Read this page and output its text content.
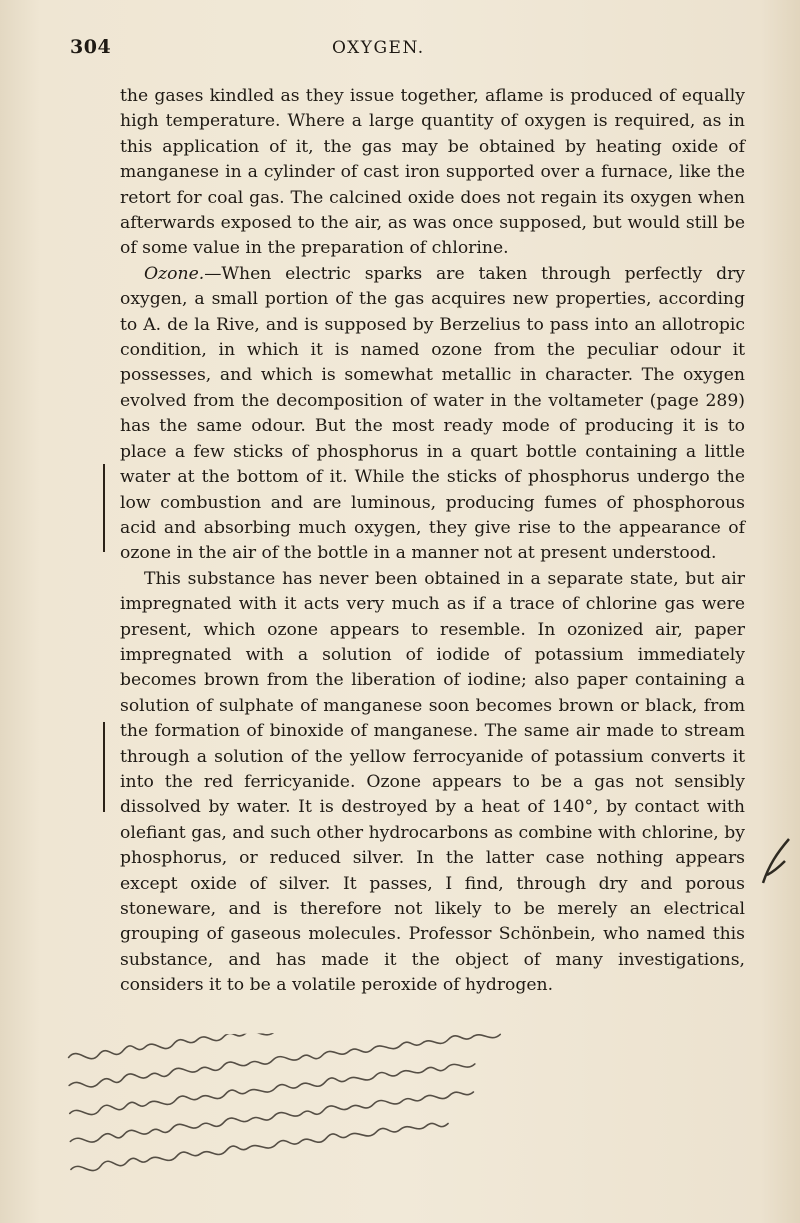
304	OXYGEN.

the gases kindled as they issue together, aflame is produced of equally high temperature. Where a large quantity of oxygen is required, as in this application of it, the gas may be obtained by heating oxide of manganese in a cylinder of cast iron supported over a furnace, like the retort for coal gas. The calcined oxide does not regain its oxygen when afterwards exposed to the air, as was once supposed, but would still be of some value in the preparation of chlorine.

Ozone.—When electric sparks are taken through perfectly dry oxygen, a small portion of the gas acquires new properties, according to A. de la Rive, and is supposed by Berzelius to pass into an allotropic condition, in which it is named ozone from the peculiar odour it possesses, and which is somewhat metallic in character. The oxygen evolved from the decomposition of water in the voltameter (page 289) has the same odour. But the most ready mode of producing it is to place a few sticks of phosphorus in a quart bottle containing a little water at the bottom of it. While the sticks of phosphorus undergo the low combustion and are luminous, producing fumes of phosphorous acid and absorbing much oxygen, they give rise to the appearance of ozone in the air of the bottle in a manner not at present understood.

This substance has never been obtained in a separate state, but air impregnated with it acts very much as if a trace of chlorine gas were present, which ozone appears to resemble. In ozonized air, paper impregnated with a solution of iodide of potassium immediately becomes brown from the liberation of iodine; also paper containing a solution of sulphate of manganese soon becomes brown or black, from the formation of binoxide of manganese. The same air made to stream through a solution of the yellow ferrocyanide of potassium converts it into the red ferricyanide. Ozone appears to be a gas not sensibly dissolved by water. It is destroyed by a heat of 140°, by contact with olefiant gas, and such other hydrocarbons as combine with chlorine, by phosphorus, or reduced silver. In the latter case nothing appears except oxide of silver. It passes, I find, through dry and porous stoneware, and is therefore not likely to be merely an electrical grouping of gaseous molecules. Professor Schönbein, who named this substance, and has made it the object of many investigations, considers it to be a volatile peroxide of hydrogen.
